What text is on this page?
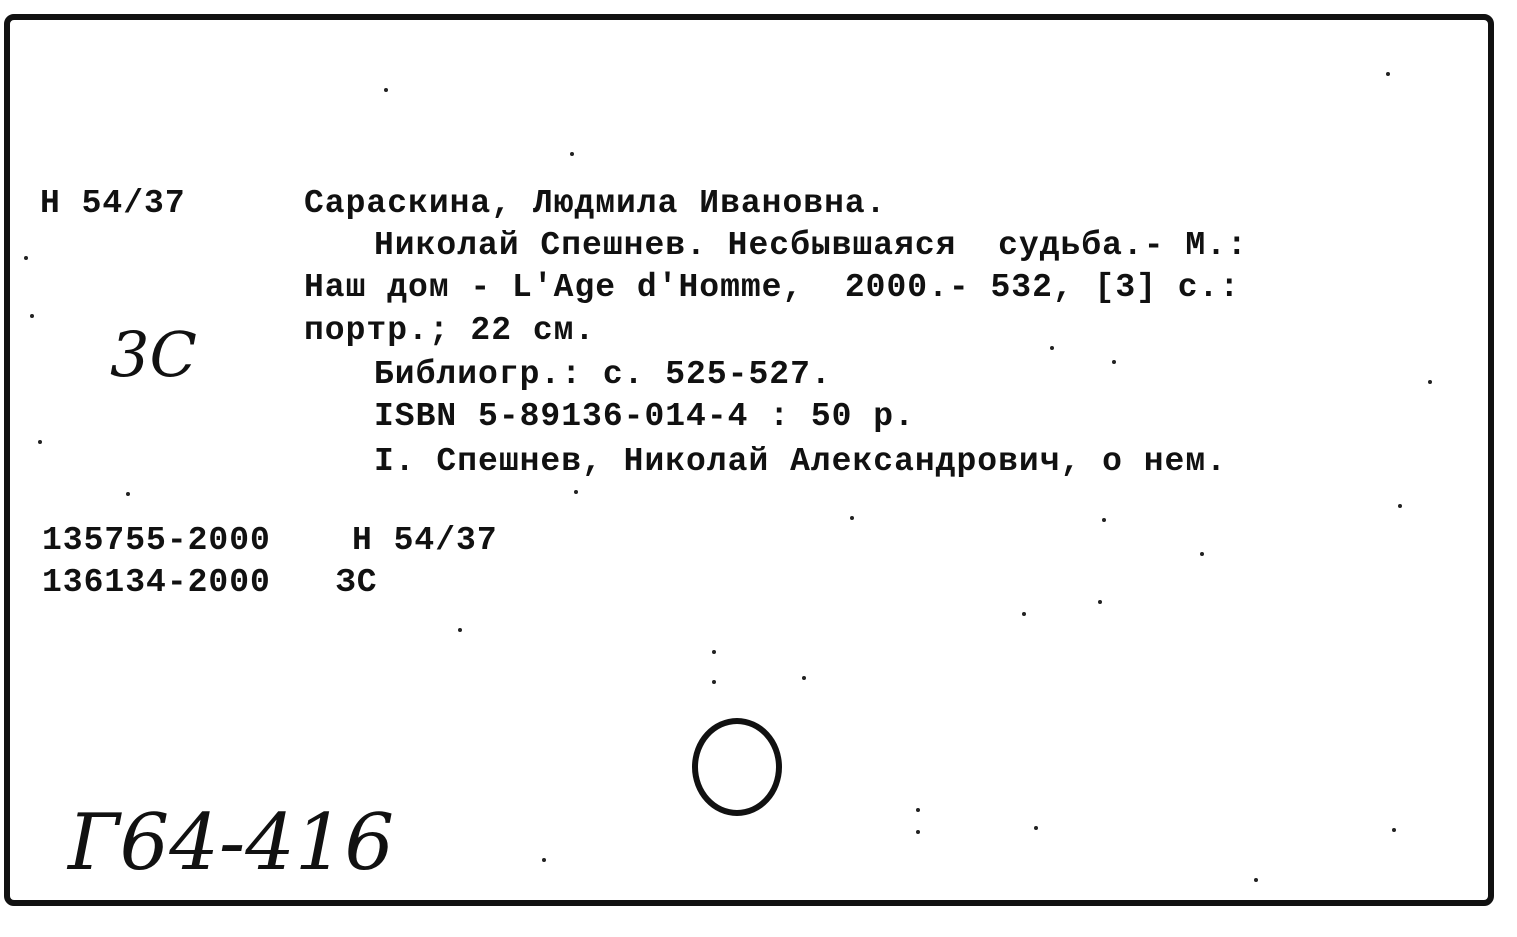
Н 54/37	Сараскина, Людмила Ивановна.
Николай Спешнев. Несбывшаяся  судьба.- М.:
Наш дом - L'Age d'Homme,  2000.- 532, [3] с.:
портр.; 22 см.
Библиогр.: с. 525-527.
ISBN 5-89136-014-4 : 50 р.
I. Спешнев, Николай Александрович, о нем.
135755-2000 Н 54/37
136134-2000 ЗС
3С
Г64-416
